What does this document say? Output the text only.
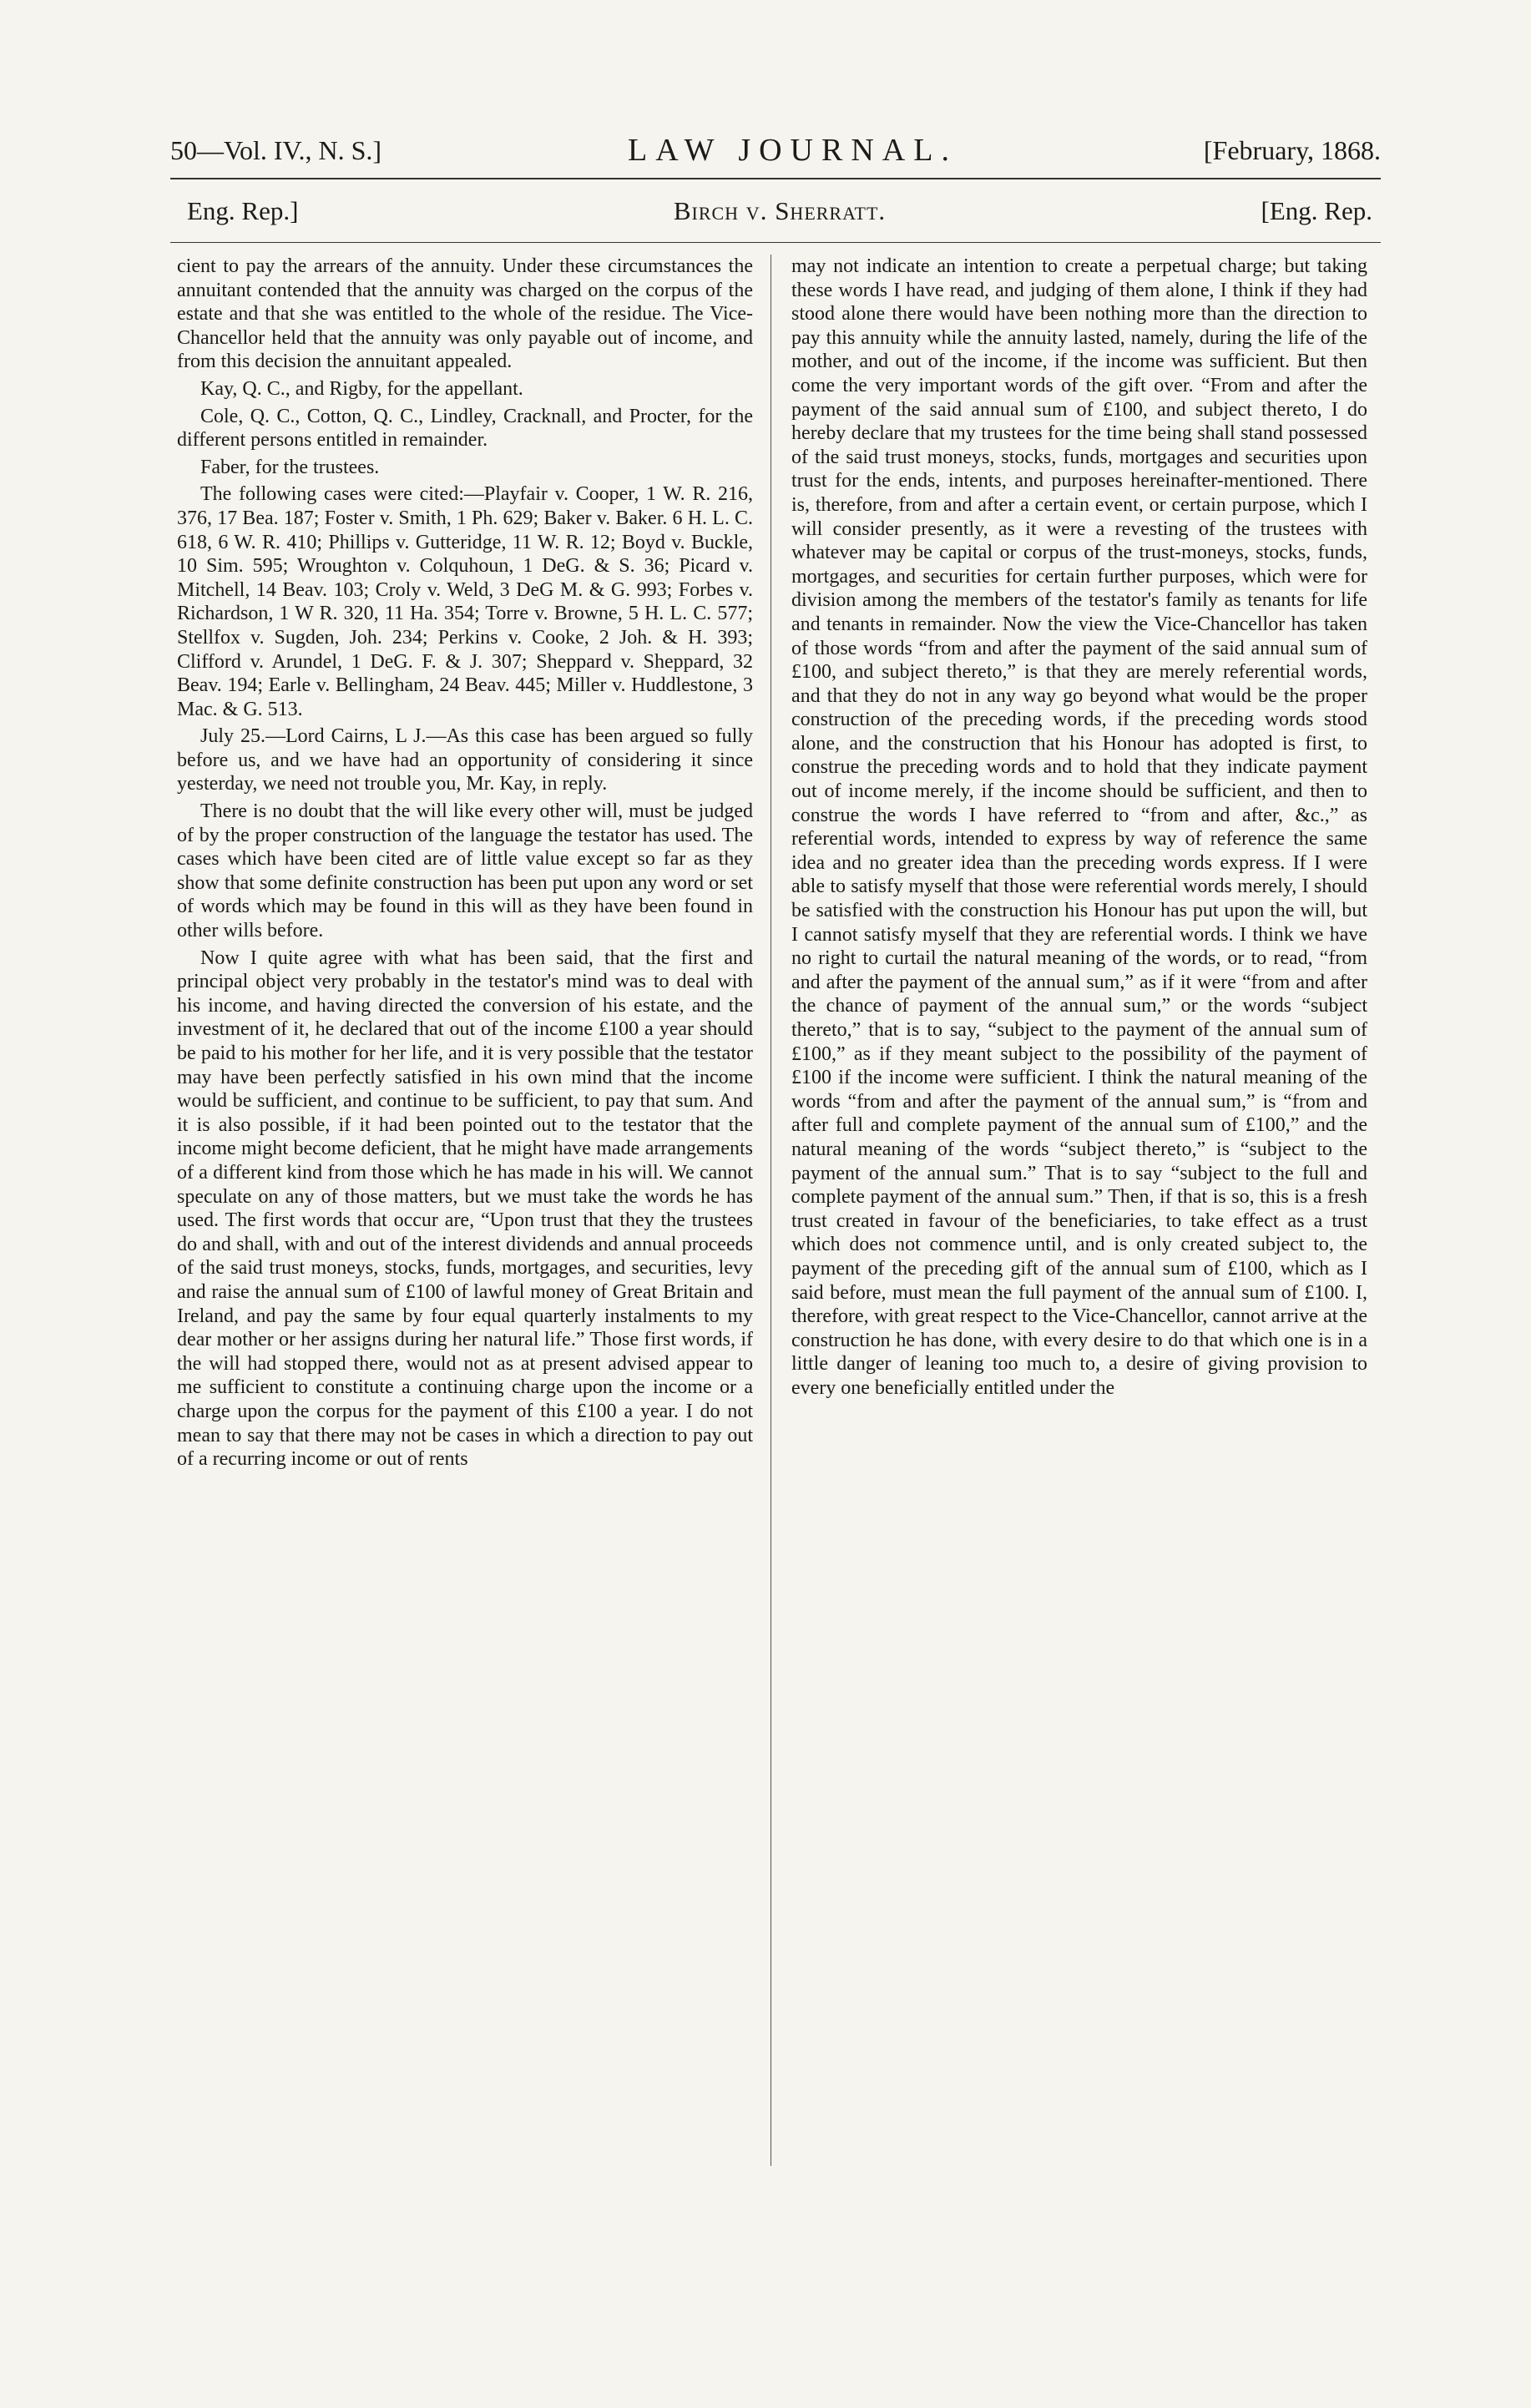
50—Vol. IV., N. S.]	LAW JOURNAL.	[February, 1868.
Eng. Rep.]	Birch v. Sherratt.	[Eng. Rep.

cient to pay the arrears of the annuity. Under these circumstances the annuitant contended that the annuity was charged on the corpus of the estate and that she was entitled to the whole of the residue. The Vice-Chancellor held that the annuity was only payable out of income, and from this decision the annuitant appealed.

Kay, Q. C., and Rigby, for the appellant.

Cole, Q. C., Cotton, Q. C., Lindley, Cracknall, and Procter, for the different persons entitled in remainder.

Faber, for the trustees.

The following cases were cited:—Playfair v. Cooper, 1 W. R. 216, 376, 17 Bea. 187; Foster v. Smith, 1 Ph. 629; Baker v. Baker. 6 H. L. C. 618, 6 W. R. 410; Phillips v. Gutteridge, 11 W. R. 12; Boyd v. Buckle, 10 Sim. 595; Wroughton v. Colquhoun, 1 DeG. & S. 36; Picard v. Mitchell, 14 Beav. 103; Croly v. Weld, 3 DeG M. & G. 993; Forbes v. Richardson, 1 W R. 320, 11 Ha. 354; Torre v. Browne, 5 H. L. C. 577; Stellfox v. Sugden, Joh. 234; Perkins v. Cooke, 2 Joh. & H. 393; Clifford v. Arundel, 1 DeG. F. & J. 307; Sheppard v. Sheppard, 32 Beav. 194; Earle v. Bellingham, 24 Beav. 445; Miller v. Huddlestone, 3 Mac. & G. 513.

July 25.—Lord Cairns, L J.—As this case has been argued so fully before us, and we have had an opportunity of considering it since yesterday, we need not trouble you, Mr. Kay, in reply.

There is no doubt that the will like every other will, must be judged of by the proper construction of the language the testator has used. The cases which have been cited are of little value except so far as they show that some definite construction has been put upon any word or set of words which may be found in this will as they have been found in other wills before.

Now I quite agree with what has been said, that the first and principal object very probably in the testator's mind was to deal with his income, and having directed the conversion of his estate, and the investment of it, he declared that out of the income £100 a year should be paid to his mother for her life, and it is very possible that the testator may have been perfectly satisfied in his own mind that the income would be sufficient, and continue to be sufficient, to pay that sum. And it is also possible, if it had been pointed out to the testator that the income might become deficient, that he might have made arrangements of a different kind from those which he has made in his will. We cannot speculate on any of those matters, but we must take the words he has used. The first words that occur are, “Upon trust that they the trustees do and shall, with and out of the interest dividends and annual proceeds of the said trust moneys, stocks, funds, mortgages, and securities, levy and raise the annual sum of £100 of lawful money of Great Britain and Ireland, and pay the same by four equal quarterly instalments to my dear mother or her assigns during her natural life.” Those first words, if the will had stopped there, would not as at present advised appear to me sufficient to constitute a continuing charge upon the income or a charge upon the corpus for the payment of this £100 a year. I do not mean to say that there may not be cases in which a direction to pay out of a recurring income or out of rents

may not indicate an intention to create a perpetual charge; but taking these words I have read, and judging of them alone, I think if they had stood alone there would have been nothing more than the direction to pay this annuity while the annuity lasted, namely, during the life of the mother, and out of the income, if the income was sufficient. But then come the very important words of the gift over. “From and after the payment of the said annual sum of £100, and subject thereto, I do hereby declare that my trustees for the time being shall stand possessed of the said trust moneys, stocks, funds, mortgages and securities upon trust for the ends, intents, and purposes hereinafter-mentioned. There is, therefore, from and after a certain event, or certain purpose, which I will consider presently, as it were a revesting of the trustees with whatever may be capital or corpus of the trust-moneys, stocks, funds, mortgages, and securities for certain further purposes, which were for division among the members of the testator's family as tenants for life and tenants in remainder. Now the view the Vice-Chancellor has taken of those words “from and after the payment of the said annual sum of £100, and subject thereto,” is that they are merely referential words, and that they do not in any way go beyond what would be the proper construction of the preceding words, if the preceding words stood alone, and the construction that his Honour has adopted is first, to construe the preceding words and to hold that they indicate payment out of income merely, if the income should be sufficient, and then to construe the words I have referred to “from and after, &c.,” as referential words, intended to express by way of reference the same idea and no greater idea than the preceding words express. If I were able to satisfy myself that those were referential words merely, I should be satisfied with the construction his Honour has put upon the will, but I cannot satisfy myself that they are referential words. I think we have no right to curtail the natural meaning of the words, or to read, “from and after the payment of the annual sum,” as if it were “from and after the chance of payment of the annual sum,” or the words “subject thereto,” that is to say, “subject to the payment of the annual sum of £100,” as if they meant subject to the possibility of the payment of £100 if the income were sufficient. I think the natural meaning of the words “from and after the payment of the annual sum,” is “from and after full and complete payment of the annual sum of £100,” and the natural meaning of the words “subject thereto,” is “subject to the payment of the annual sum.” That is to say “subject to the full and complete payment of the annual sum.” Then, if that is so, this is a fresh trust created in favour of the beneficiaries, to take effect as a trust which does not commence until, and is only created subject to, the payment of the preceding gift of the annual sum of £100, which as I said before, must mean the full payment of the annual sum of £100. I, therefore, with great respect to the Vice-Chancellor, cannot arrive at the construction he has done, with every desire to do that which one is in a little danger of leaning too much to, a desire of giving provision to every one beneficially entitled under the
